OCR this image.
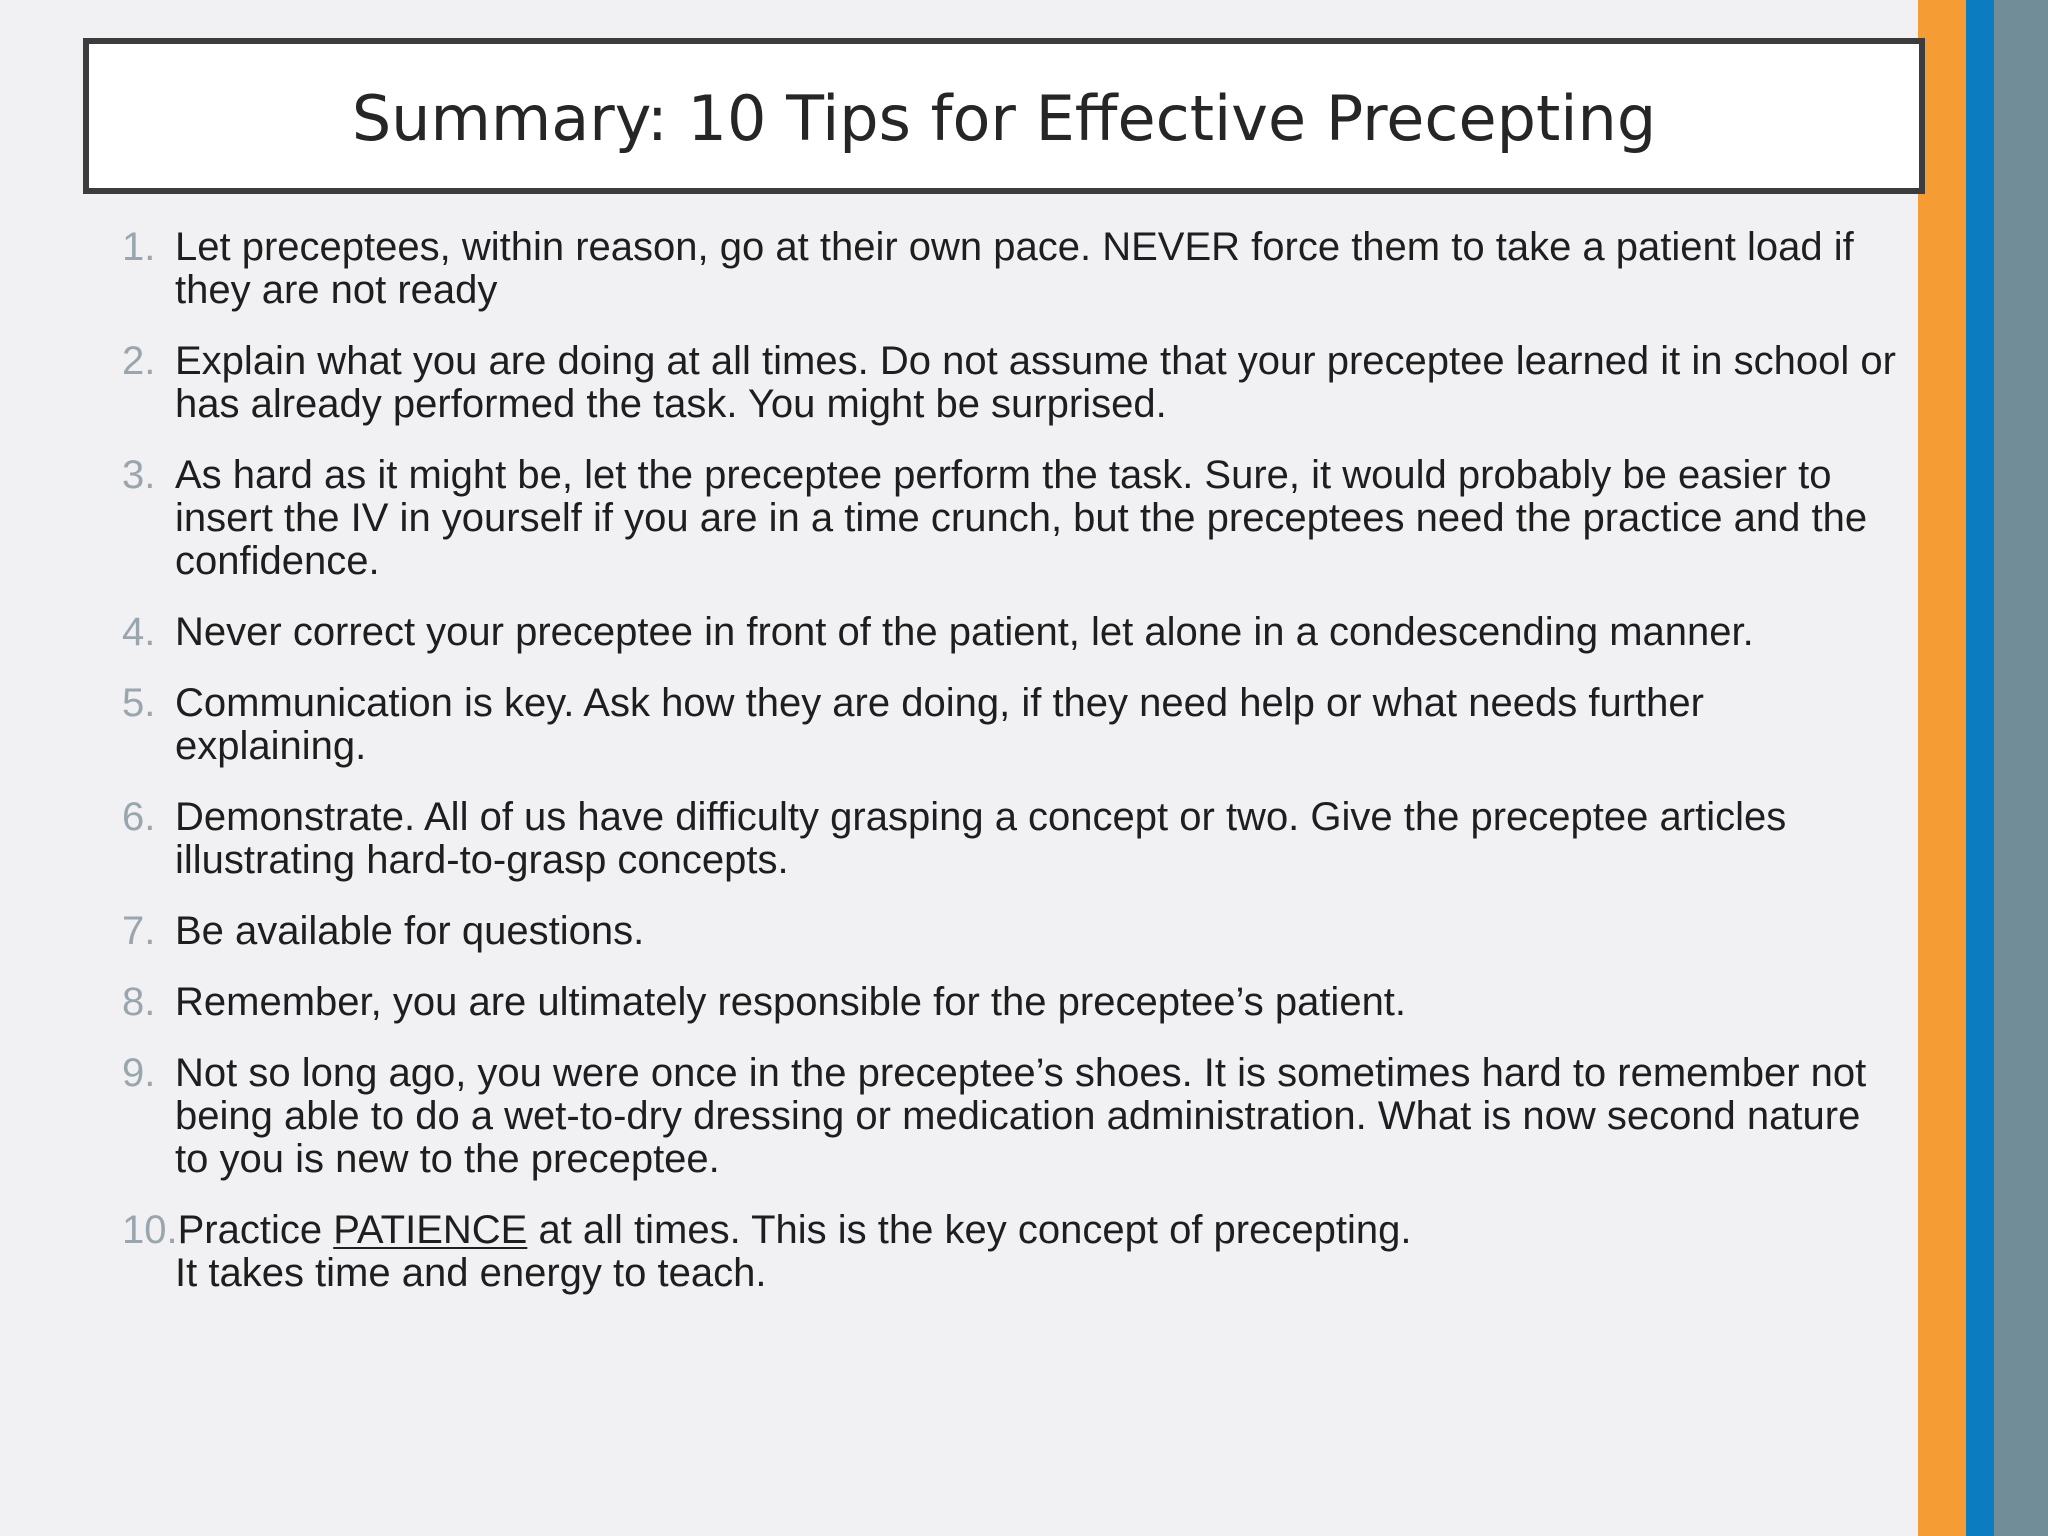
Summary: 10 Tips for Effective Precepting
1. Let preceptees, within reason, go at their own pace. NEVER force them to take a patient load if they are not ready
2. Explain what you are doing at all times. Do not assume that your preceptee learned it in school or has already performed the task. You might be surprised.
3. As hard as it might be, let the preceptee perform the task. Sure, it would probably be easier to insert the IV in yourself if you are in a time crunch, but the preceptees need the practice and the confidence.
4. Never correct your preceptee in front of the patient, let alone in a condescending manner.
5. Communication is key. Ask how they are doing, if they need help or what needs further explaining.
6. Demonstrate. All of us have difficulty grasping a concept or two. Give the preceptee articles illustrating hard-to-grasp concepts.
7. Be available for questions.
8. Remember, you are ultimately responsible for the preceptee’s patient.
9. Not so long ago, you were once in the preceptee’s shoes. It is sometimes hard to remember not being able to do a wet-to-dry dressing or medication administration. What is now second nature to you is new to the preceptee.
10.Practice PATIENCE at all times. This is the key concept of precepting.
It takes time and energy to teach.
